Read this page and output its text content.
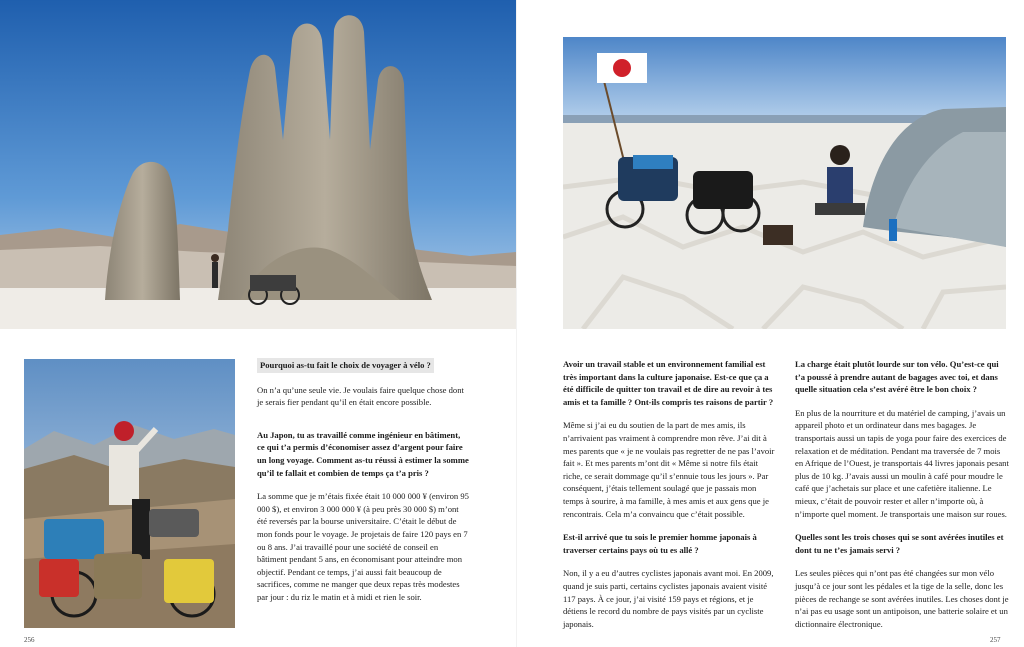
Pourquoi as-tu fait le choix de voyager à vélo ?

On n’a qu’une seule vie. Je voulais faire quelque chose dont je serais fier pendant qu’il en était encore possible.

Au Japon, tu as travaillé comme ingénieur en bâtiment, ce qui t’a permis d’économiser assez d’argent pour faire un long voyage. Comment as-tu réussi à estimer la somme qu’il te fallait et combien de temps ça t’a pris ?

La somme que je m’étais fixée était 10 000 000 ¥ (environ 95 000 $), et environ 3 000 000 ¥ (à peu près 30 000 $) m’ont été reversés par la bourse universitaire. C’était le début de mon fonds pour le voyage. Je projetais de faire 120 pays en 7 ou 8 ans. J’ai travaillé pour une société de conseil en bâtiment pendant 5 ans, en économisant pour atteindre mon objectif. Pendant ce temps, j’ai aussi fait beaucoup de sacrifices, comme ne manger que deux repas très modestes par jour : du riz le matin et à midi et rien le soir.

Avoir un travail stable et un environnement familial est très important dans la culture japonaise. Est-ce que ça a été difficile de quitter ton travail et de dire au revoir à tes amis et ta famille ? Ont-ils compris tes raisons de partir ?

Même si j’ai eu du soutien de la part de mes amis, ils n’arrivaient pas vraiment à comprendre mon rêve. J’ai dit à mes parents que « je ne voulais pas regretter de ne pas l’avoir fait ». Et mes parents m’ont dit « Même si notre fils était riche, ce serait dommage qu’il s’ennuie tous les jours ». Par conséquent, j’étais tellement soulagé que je passais mon temps à sourire, à ma famille, à mes amis et aux gens que je rencontrais. Cela m’a convaincu que c’était possible.

Est-il arrivé que tu sois le premier homme japonais à traverser certains pays où tu es allé ?

Non, il y a eu d’autres cyclistes japonais avant moi. En 2009, quand je suis parti, certains cyclistes japonais avaient visité 117 pays. À ce jour, j’ai visité 159 pays et régions, et je détiens le record du nombre de pays visités par un cycliste japonais.

La charge était plutôt lourde sur ton vélo. Qu’est-ce qui t’a poussé à prendre autant de bagages avec toi, et dans quelle situation cela s’est avéré être le bon choix ?

En plus de la nourriture et du matériel de camping, j’avais un appareil photo et un ordinateur dans mes bagages. Je transportais aussi un tapis de yoga pour faire des exercices de relaxation et de méditation. Pendant ma traversée de 7 mois en Afrique de l’Ouest, je transportais 44 livres japonais pesant plus de 10 kg. J’avais aussi un moulin à café pour moudre le café que j’achetais sur place et une cafetière italienne. Le mieux, c’était de pouvoir rester et aller n’importe où, à n’importe quel moment. Je transportais une maison sur roues.

Quelles sont les trois choses qui se sont avérées inutiles et dont tu ne t’es jamais servi ?

Les seules pièces qui n’ont pas été changées sur mon vélo jusqu’à ce jour sont les pédales et la tige de la selle, donc les pièces de rechange se sont avérées inutiles. Les choses dont je n’ai pas eu usage sont un antipoison, une batterie solaire et un dictionnaire électronique.

256	257
